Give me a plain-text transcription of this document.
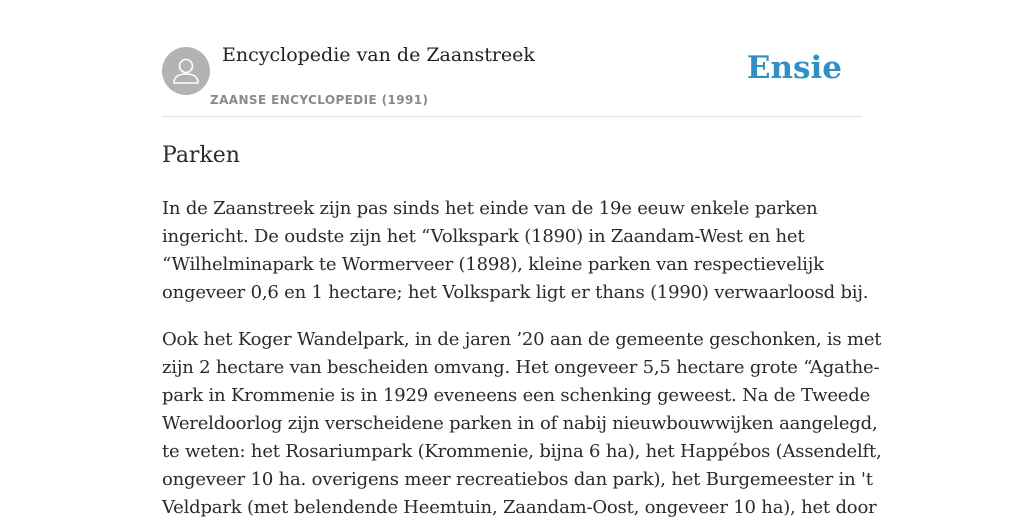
Encyclopedie van de Zaanstreek
ZAANSE ENCYCLOPEDIE (1991)
Ensie
Parken

In de Zaanstreek zijn pas sinds het einde van de 19e eeuw enkele parken
ingericht. De oudste zijn het “Volkspark (1890) in Zaandam-West en het
“Wilhelminapark te Wormerveer (1898), kleine parken van respectievelijk
ongeveer 0,6 en 1 hectare; het Volkspark ligt er thans (1990) verwaarloosd bij.

Ook het Koger Wandelpark, in de jaren ’20 aan de gemeente geschonken, is met
zijn 2 hectare van bescheiden omvang. Het ongeveer 5,5 hectare grote “Agathe-
park in Krommenie is in 1929 eveneens een schenking geweest. Na de Tweede
Wereldoorlog zijn verscheidene parken in of nabij nieuwbouwwijken aangelegd,
te weten: het Rosariumpark (Krommenie, bijna 6 ha), het Happébos (Assendelft,
ongeveer 10 ha. overigens meer recreatiebos dan park), het Burgemeester in 't
Veldpark (met belendende Heemtuin, Zaandam-Oost, ongeveer 10 ha), het door
